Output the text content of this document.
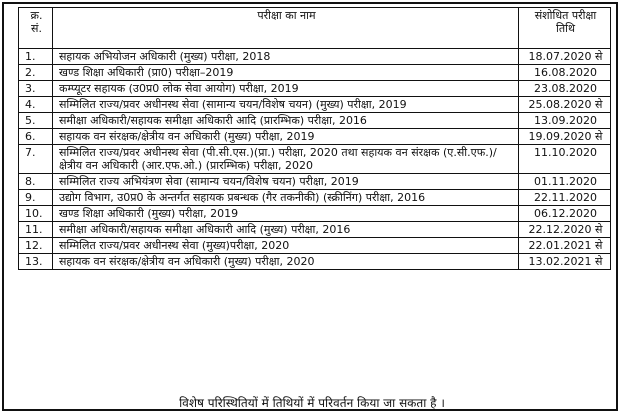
क्र. सं.	परीक्षा का नाम	संशोधित परीक्षा तिथि
1.	सहायक अभियोजन अधिकारी (मुख्य) परीक्षा, 2018	18.07.2020 से
2.	खण्ड शिक्षा अधिकारी (प्रा0) परीक्षा–2019	16.08.2020
3.	कम्प्यूटर सहायक (उ0प्र0 लोक सेवा आयोग) परीक्षा, 2019	23.08.2020
4.	सम्मिलित राज्य/प्रवर अधीनस्थ सेवा (सामान्य चयन/विशेष चयन) (मुख्य) परीक्षा, 2019	25.08.2020 से
5.	समीक्षा अधिकारी/सहायक समीक्षा अधिकारी आदि (प्रारम्भिक) परीक्षा, 2016	13.09.2020
6.	सहायक वन संरक्षक/क्षेत्रीय वन अधिकारी (मुख्य) परीक्षा, 2019	19.09.2020 से
7.	सम्मिलित राज्य/प्रवर अधीनस्थ सेवा (पी.सी.एस.)(प्रा.) परीक्षा, 2020 तथा सहायक वन संरक्षक (ए.सी.एफ.)/क्षेत्रीय वन अधिकारी (आर.एफ.ओ.) (प्रारम्भिक) परीक्षा, 2020	11.10.2020
8.	सम्मिलित राज्य अभियंत्रण सेवा (सामान्य चयन/विशेष चयन) परीक्षा, 2019	01.11.2020
9.	उद्योग विभाग, उ0प्र0 के अन्तर्गत सहायक प्रबन्धक (गैर तकनीकी) (स्क्रीनिंग) परीक्षा, 2016	22.11.2020
10.	खण्ड शिक्षा अधिकारी (मुख्य) परीक्षा, 2019	06.12.2020
11.	समीक्षा अधिकारी/सहायक समीक्षा अधिकारी आदि (मुख्य) परीक्षा, 2016	22.12.2020 से
12.	सम्मिलित राज्य/प्रवर अधीनस्थ सेवा (मुख्य)परीक्षा, 2020	22.01.2021 से
13.	सहायक वन संरक्षक/क्षेत्रीय वन अधिकारी (मुख्य) परीक्षा, 2020	13.02.2021 से
विशेष परिस्थितियों में तिथियों में परिवर्तन किया जा सकता है ।
